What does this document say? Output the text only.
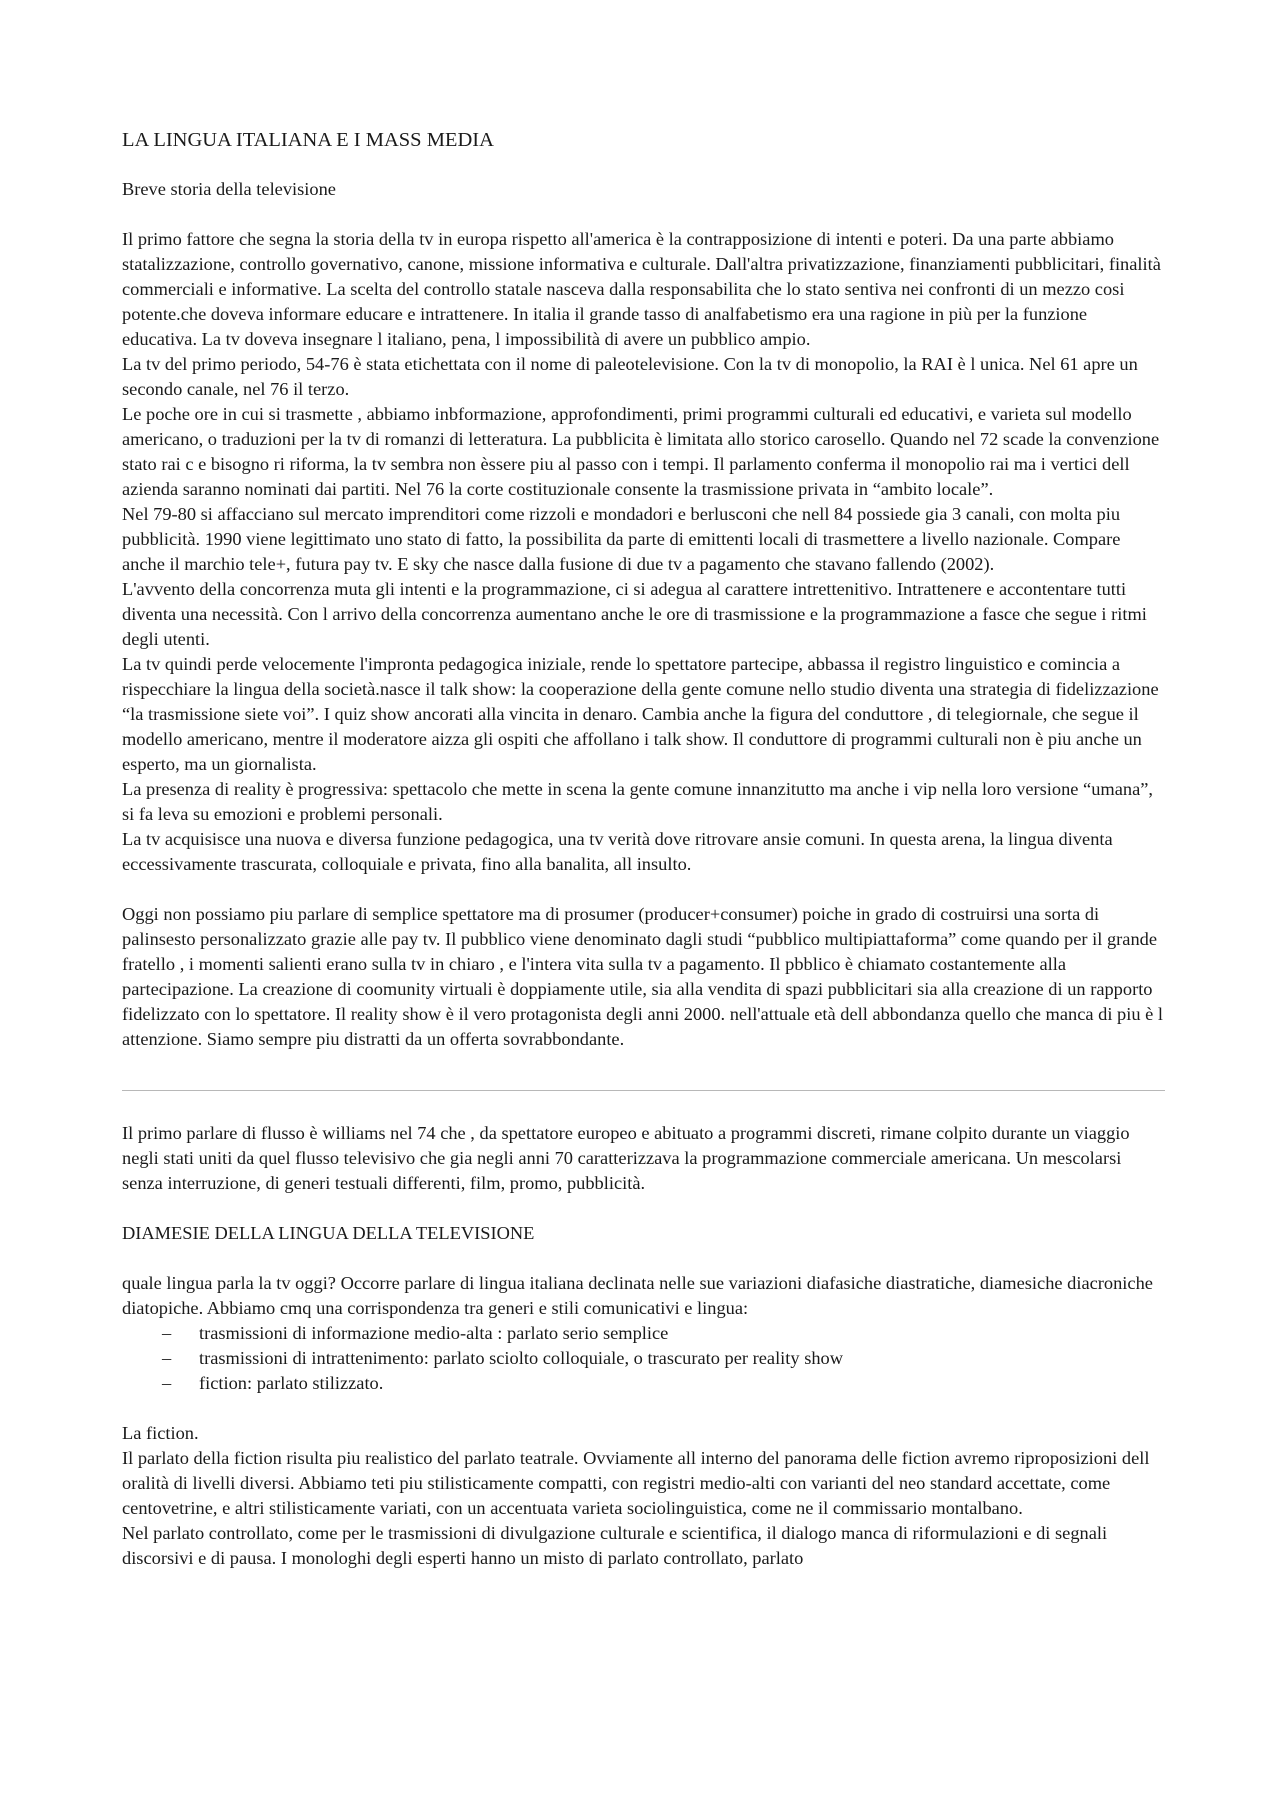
LA LINGUA ITALIANA E I MASS MEDIA
Breve storia della televisione

Il primo fattore che segna la storia della tv in europa rispetto all'america è la contrapposizione di intenti e poteri. Da una parte abbiamo statalizzazione, controllo governativo, canone, missione informativa e culturale. Dall'altra privatizzazione, finanziamenti pubblicitari, finalità commerciali e informative. La scelta del controllo statale nasceva dalla responsabilita che lo stato sentiva nei confronti di un mezzo cosi potente.che doveva informare educare e intrattenere. In italia il grande tasso di analfabetismo era una ragione in più per la funzione educativa. La tv doveva insegnare l italiano, pena, l impossibilità di avere un pubblico ampio.

La tv del primo periodo, 54-76 è stata etichettata con il nome di paleotelevisione. Con la tv di monopolio, la RAI è l unica. Nel 61 apre un secondo canale, nel 76 il terzo.

Le poche ore in cui si trasmette , abbiamo inbformazione, approfondimenti, primi programmi culturali ed educativi, e varieta sul modello americano, o traduzioni per la tv di romanzi di letteratura. La pubblicita è limitata allo storico carosello. Quando nel 72 scade la convenzione stato rai c e bisogno ri riforma, la tv sembra non èssere piu al passo con i tempi. Il parlamento conferma il monopolio rai ma i vertici dell azienda saranno nominati dai partiti. Nel 76 la corte costituzionale consente la trasmissione privata in “ambito locale”.

Nel 79-80 si affacciano sul mercato imprenditori come rizzoli e mondadori e berlusconi che nell 84 possiede gia 3 canali, con molta piu pubblicità. 1990 viene legittimato uno stato di fatto, la possibilita da parte di emittenti locali di trasmettere a livello nazionale. Compare anche il marchio tele+, futura pay tv. E sky che nasce dalla fusione di due tv a pagamento che stavano fallendo (2002).

L'avvento della concorrenza muta gli intenti e la programmazione, ci si adegua al carattere intrettenitivo. Intrattenere e accontentare tutti diventa una necessità. Con l arrivo della concorrenza aumentano anche le ore di trasmissione e la programmazione a fasce che segue i ritmi degli utenti.

La tv quindi perde velocemente l'impronta pedagogica iniziale, rende lo spettatore partecipe, abbassa il registro linguistico e comincia a rispecchiare la lingua della società.nasce il talk show: la cooperazione della gente comune nello studio diventa una strategia di fidelizzazione “la trasmissione siete voi”. I quiz show ancorati alla vincita in denaro. Cambia anche la figura del conduttore , di telegiornale, che segue il modello americano, mentre il moderatore aizza gli ospiti che affollano i talk show. Il conduttore di programmi culturali non è piu anche un esperto, ma un giornalista.

La presenza di reality è progressiva: spettacolo che mette in scena la gente comune innanzitutto ma anche i vip nella loro versione “umana”, si fa leva su emozioni e problemi personali.

La tv acquisisce una nuova e diversa funzione pedagogica, una tv verità dove ritrovare ansie comuni. In questa arena, la lingua diventa eccessivamente trascurata, colloquiale e privata, fino alla banalita, all insulto.

Oggi non possiamo piu parlare di semplice spettatore ma di prosumer (producer+consumer) poiche in grado di costruirsi una sorta di palinsesto personalizzato grazie alle pay tv. Il pubblico viene denominato dagli studi “pubblico multipiattaforma” come quando per il grande fratello , i momenti salienti erano sulla tv in chiaro , e l'intera vita sulla tv a pagamento. Il pbblico è chiamato costantemente alla partecipazione. La creazione di coomunity virtuali è doppiamente utile, sia alla vendita di spazi pubblicitari sia alla creazione di un rapporto fidelizzato con lo spettatore. Il reality show è il vero protagonista degli anni 2000. nell'attuale età dell abbondanza quello che manca di piu è l attenzione. Siamo sempre piu distratti da un offerta sovrabbondante.

Il primo parlare di flusso è williams nel 74 che , da spettatore europeo e abituato a programmi discreti, rimane colpito durante un viaggio negli stati uniti da quel flusso televisivo che gia negli anni 70 caratterizzava la programmazione commerciale americana. Un mescolarsi senza interruzione, di generi testuali differenti, film, promo, pubblicità.

DIAMESIE DELLA LINGUA DELLA TELEVISIONE

quale lingua parla la tv oggi? Occorre parlare di lingua italiana declinata nelle sue variazioni diafasiche diastratiche, diamesiche diacroniche diatopiche. Abbiamo cmq una corrispondenza tra generi e stili comunicativi e lingua:

– trasmissioni di informazione medio-alta : parlato serio semplice
– trasmissioni di intrattenimento: parlato sciolto colloquiale, o trascurato per reality show
– fiction: parlato stilizzato.

La fiction.

Il parlato della fiction risulta piu realistico del parlato teatrale. Ovviamente all interno del panorama delle fiction avremo riproposizioni dell oralità di livelli diversi. Abbiamo teti piu stilisticamente compatti, con registri medio-alti con varianti del neo standard accettate, come centovetrine, e altri stilisticamente variati, con un accentuata varieta sociolinguistica, come ne il commissario montalbano.

Nel parlato controllato, come per le trasmissioni di divulgazione culturale e scientifica, il dialogo manca di riformulazioni e di segnali discorsivi e di pausa. I monologhi degli esperti hanno un misto di parlato controllato, parlato
